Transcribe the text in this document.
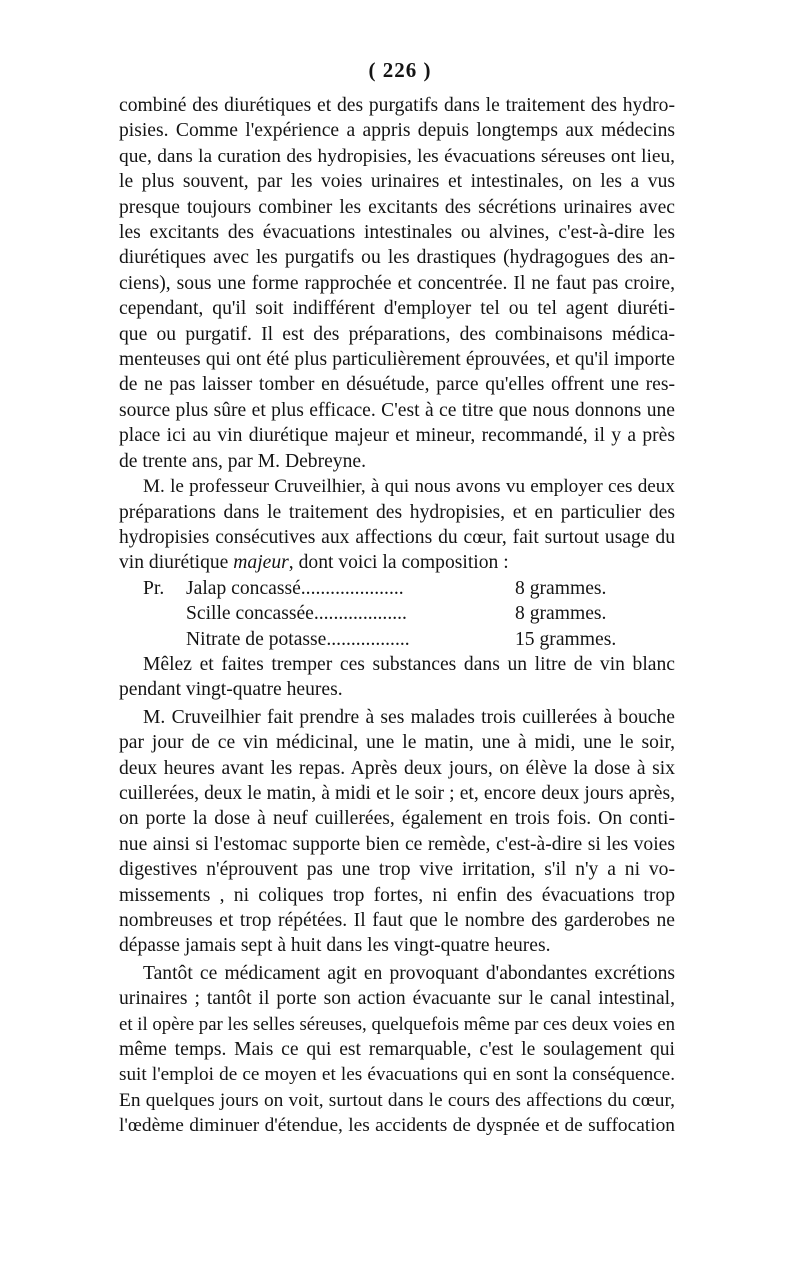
( 226 )
combiné des diurétiques et des purgatifs dans le traitement des hydro-
pisies. Comme l'expérience a appris depuis longtemps aux médecins
que, dans la curation des hydropisies, les évacuations séreuses ont lieu,
le plus souvent, par les voies urinaires et intestinales, on les a vus
presque toujours combiner les excitants des sécrétions urinaires avec
les excitants des évacuations intestinales ou alvines, c'est-à-dire les
diurétiques avec les purgatifs ou les drastiques (hydragogues des an-
ciens), sous une forme rapprochée et concentrée. Il ne faut pas croire,
cependant, qu'il soit indifférent d'employer tel ou tel agent diuréti-
que ou purgatif. Il est des préparations, des combinaisons médica-
menteuses qui ont été plus particulièrement éprouvées, et qu'il importe
de ne pas laisser tomber en désuétude, parce qu'elles offrent une res-
source plus sûre et plus efficace. C'est à ce titre que nous donnons une
place ici au vin diurétique majeur et mineur, recommandé, il y a près
de trente ans, par M. Debreyne.
M. le professeur Cruveilhier, à qui nous avons vu employer ces deux
préparations dans le traitement des hydropisies, et en particulier des
hydropisies consécutives aux affections du cœur, fait surtout usage du
vin diurétique majeur, dont voici la composition :
Pr. Jalap concassé.....................	8 grammes.
Scille concassée...................	8 grammes.
Nitrate de potasse.................	15 grammes.
Mêlez et faites tremper ces substances dans un litre de vin blanc
pendant vingt-quatre heures.
M. Cruveilhier fait prendre à ses malades trois cuillerées à bouche
par jour de ce vin médicinal, une le matin, une à midi, une le soir,
deux heures avant les repas. Après deux jours, on élève la dose à six
cuillerées, deux le matin, à midi et le soir ; et, encore deux jours après,
on porte la dose à neuf cuillerées, également en trois fois. On conti-
nue ainsi si l'estomac supporte bien ce remède, c'est-à-dire si les voies
digestives n'éprouvent pas une trop vive irritation, s'il n'y a ni vo-
missements , ni coliques trop fortes, ni enfin des évacuations trop
nombreuses et trop répétées. Il faut que le nombre des garderobes ne
dépasse jamais sept à huit dans les vingt-quatre heures.
Tantôt ce médicament agit en provoquant d'abondantes excrétions
urinaires ; tantôt il porte son action évacuante sur le canal intestinal,
et il opère par les selles séreuses, quelquefois même par ces deux voies en
même temps. Mais ce qui est remarquable, c'est le soulagement qui
suit l'emploi de ce moyen et les évacuations qui en sont la conséquence.
En quelques jours on voit, surtout dans le cours des affections du cœur,
l'œdème diminuer d'étendue, les accidents de dyspnée et de suffocation
